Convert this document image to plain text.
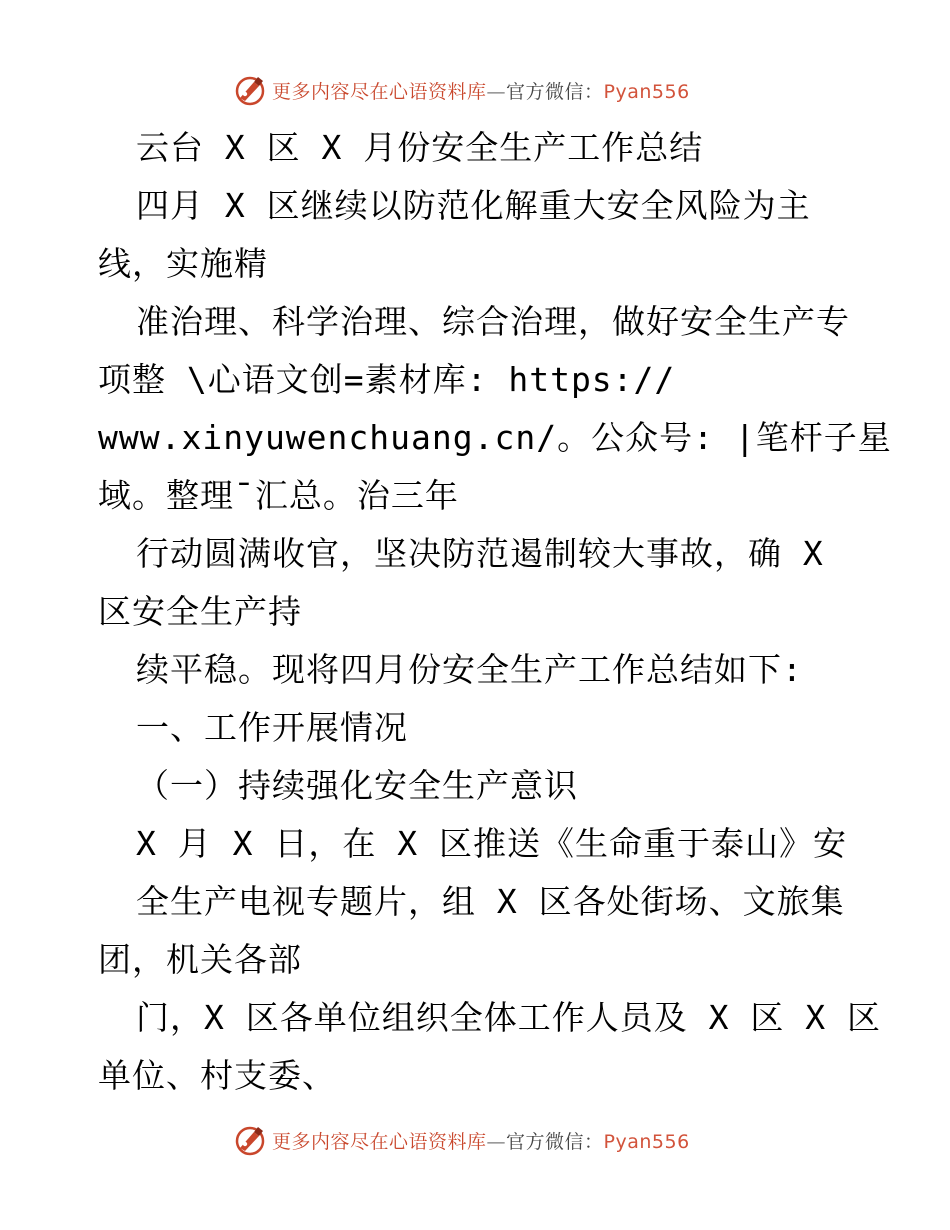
更多内容尽在心语资料库—官方微信：Pyan556
云台 X 区 X 月份安全生产工作总结
四月 X 区继续以防范化解重大安全风险为主
线，实施精
准治理、科学治理、综合治理，做好安全生产专
项整 \心语文创=素材库: https://
www.xinyuwenchuang.cn/。公众号: |笔杆子星
域。整理¯汇总。治三年
行动圆满收官，坚决防范遏制较大事故，确 X
区安全生产持
续平稳。现将四月份安全生产工作总结如下:
一、工作开展情况
（一）持续强化安全生产意识
X 月 X 日，在 X 区推送《生命重于泰山》安
全生产电视专题片，组 X 区各处街场、文旅集
团，机关各部
门，X 区各单位组织全体工作人员及 X 区 X 区
单位、村支委、
更多内容尽在心语资料库—官方微信：Pyan556
